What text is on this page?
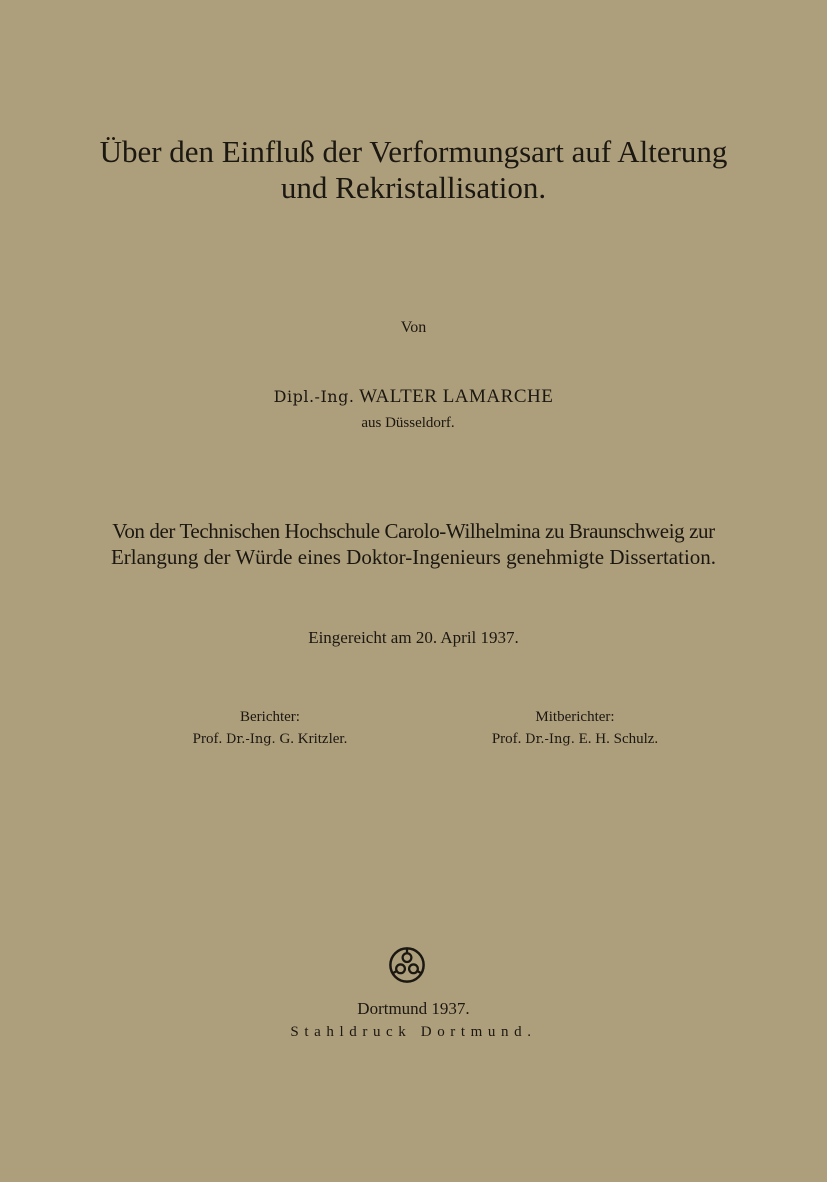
Über den Einfluß der Verformungsart auf Alterung
und Rekristallisation.
Von
Dipl.-Ing. WALTER LAMARCHE
aus Düsseldorf.
Von der Technischen Hochschule Carolo-Wilhelmina zu Braunschweig zur
Erlangung der Würde eines Doktor-Ingenieurs genehmigte Dissertation.
Eingereicht am 20. April 1937.
Berichter:
Prof. Dr.-Ing. G. Kritzler.
Mitberichter:
Prof. Dr.-Ing. E. H. Schulz.
Dortmund 1937.
Stahldruck Dortmund.
